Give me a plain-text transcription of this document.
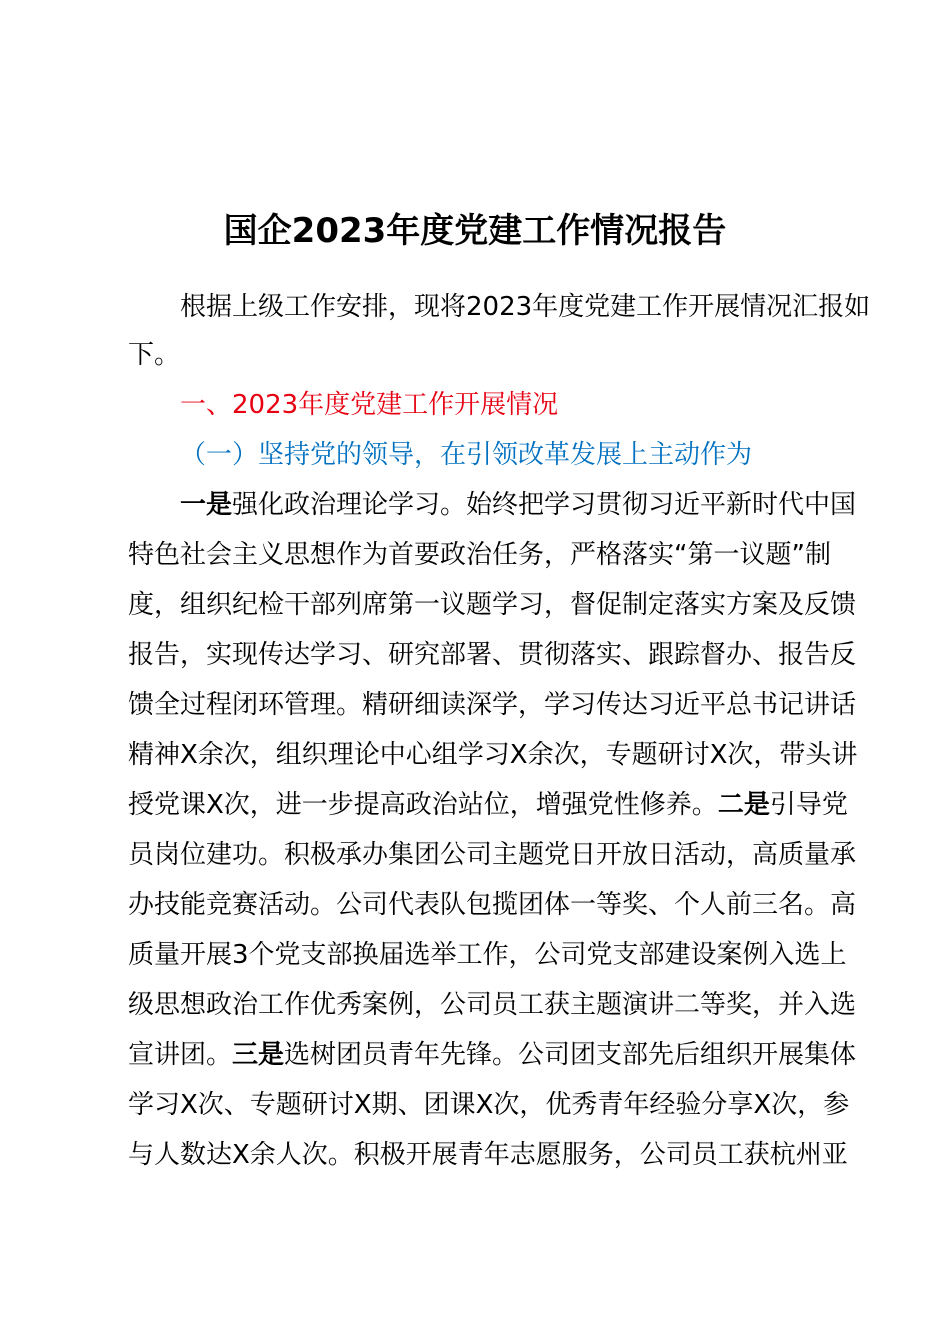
国企2023年度党建工作情况报告
根据上级工作安排，现将2023年度党建工作开展情况汇报如
下。
一、2023年度党建工作开展情况
（一）坚持党的领导，在引领改革发展上主动作为
一是强化政治理论学习。始终把学习贯彻习近平新时代中国
特色社会主义思想作为首要政治任务，严格落实“第一议题”制
度，组织纪检干部列席第一议题学习，督促制定落实方案及反馈
报告，实现传达学习、研究部署、贯彻落实、跟踪督办、报告反
馈全过程闭环管理。精研细读深学，学习传达习近平总书记讲话
精神X余次，组织理论中心组学习X余次，专题研讨X次，带头讲
授党课X次，进一步提高政治站位，增强党性修养。二是引导党
员岗位建功。积极承办集团公司主题党日开放日活动，高质量承
办技能竞赛活动。公司代表队包揽团体一等奖、个人前三名。高
质量开展3个党支部换届选举工作，公司党支部建设案例入选上
级思想政治工作优秀案例，公司员工获主题演讲二等奖，并入选
宣讲团。三是选树团员青年先锋。公司团支部先后组织开展集体
学习X次、专题研讨X期、团课X次，优秀青年经验分享X次，参
与人数达X余人次。积极开展青年志愿服务，公司员工获杭州亚
